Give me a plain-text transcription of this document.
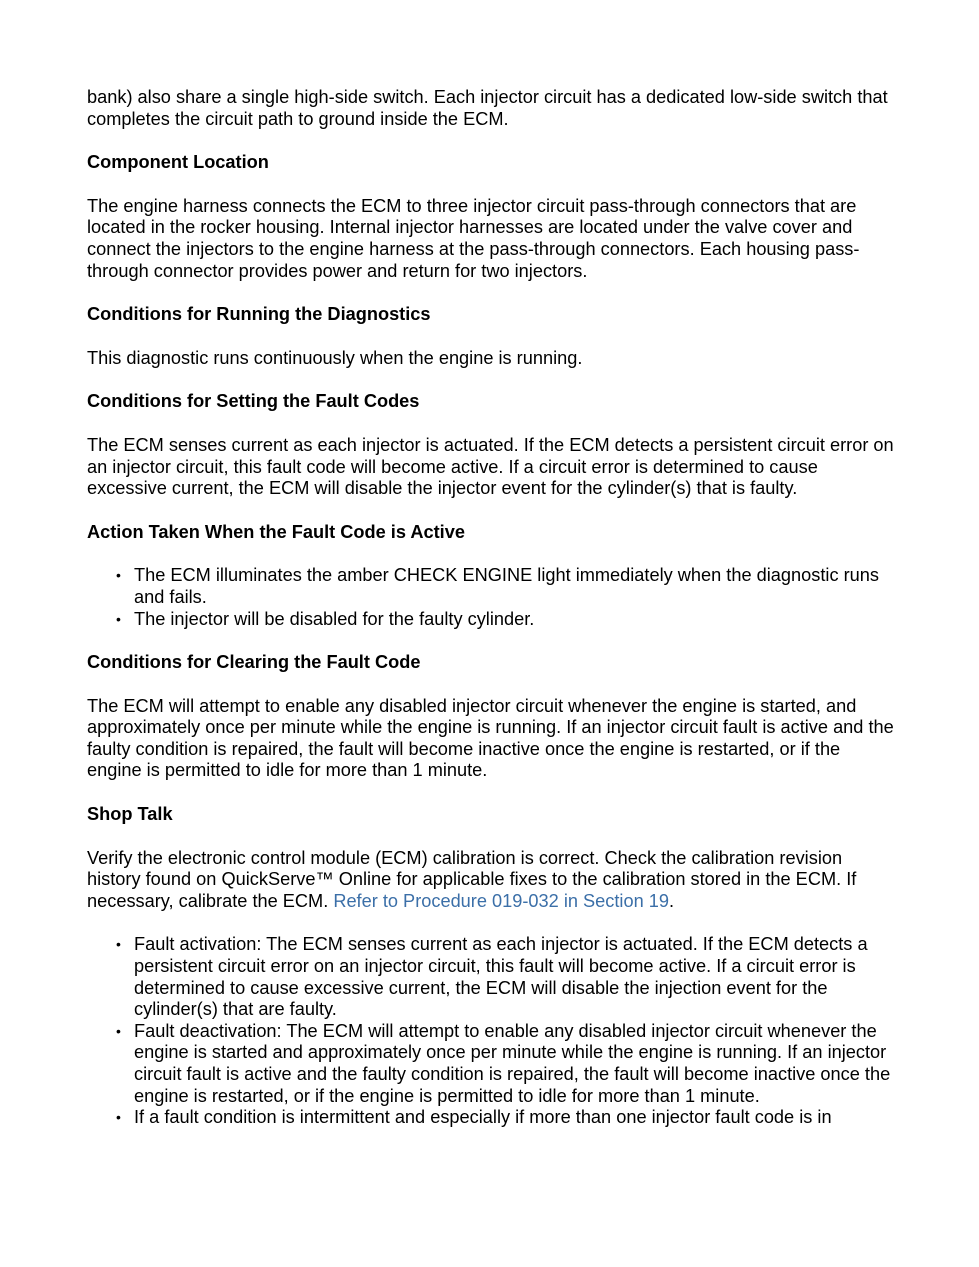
bank) also share a single high-side switch. Each injector circuit has a dedicated low-side switch that completes the circuit path to ground inside the ECM.

Component Location

The engine harness connects the ECM to three injector circuit pass-through connectors that are located in the rocker housing. Internal injector harnesses are located under the valve cover and connect the injectors to the engine harness at the pass-through connectors. Each housing pass-through connector provides power and return for two injectors.

Conditions for Running the Diagnostics

This diagnostic runs continuously when the engine is running.

Conditions for Setting the Fault Codes

The ECM senses current as each injector is actuated. If the ECM detects a persistent circuit error on an injector circuit, this fault code will become active. If a circuit error is determined to cause excessive current, the ECM will disable the injector event for the cylinder(s) that is faulty.

Action Taken When the Fault Code is Active
• The ECM illuminates the amber CHECK ENGINE light immediately when the diagnostic runs and fails.
• The injector will be disabled for the faulty cylinder.
Conditions for Clearing the Fault Code

The ECM will attempt to enable any disabled injector circuit whenever the engine is started, and approximately once per minute while the engine is running. If an injector circuit fault is active and the faulty condition is repaired, the fault will become inactive once the engine is restarted, or if the engine is permitted to idle for more than 1 minute.

Shop Talk

Verify the electronic control module (ECM) calibration is correct. Check the calibration revision history found on QuickServe™ Online for applicable fixes to the calibration stored in the ECM. If necessary, calibrate the ECM. Refer to Procedure 019-032 in Section 19.

• Fault activation: The ECM senses current as each injector is actuated. If the ECM detects a persistent circuit error on an injector circuit, this fault will become active. If a circuit error is determined to cause excessive current, the ECM will disable the injection event for the cylinder(s) that are faulty.
• Fault deactivation: The ECM will attempt to enable any disabled injector circuit whenever the engine is started and approximately once per minute while the engine is running. If an injector circuit fault is active and the faulty condition is repaired, the fault will become inactive once the engine is restarted, or if the engine is permitted to idle for more than 1 minute.
• If a fault condition is intermittent and especially if more than one injector fault code is in
